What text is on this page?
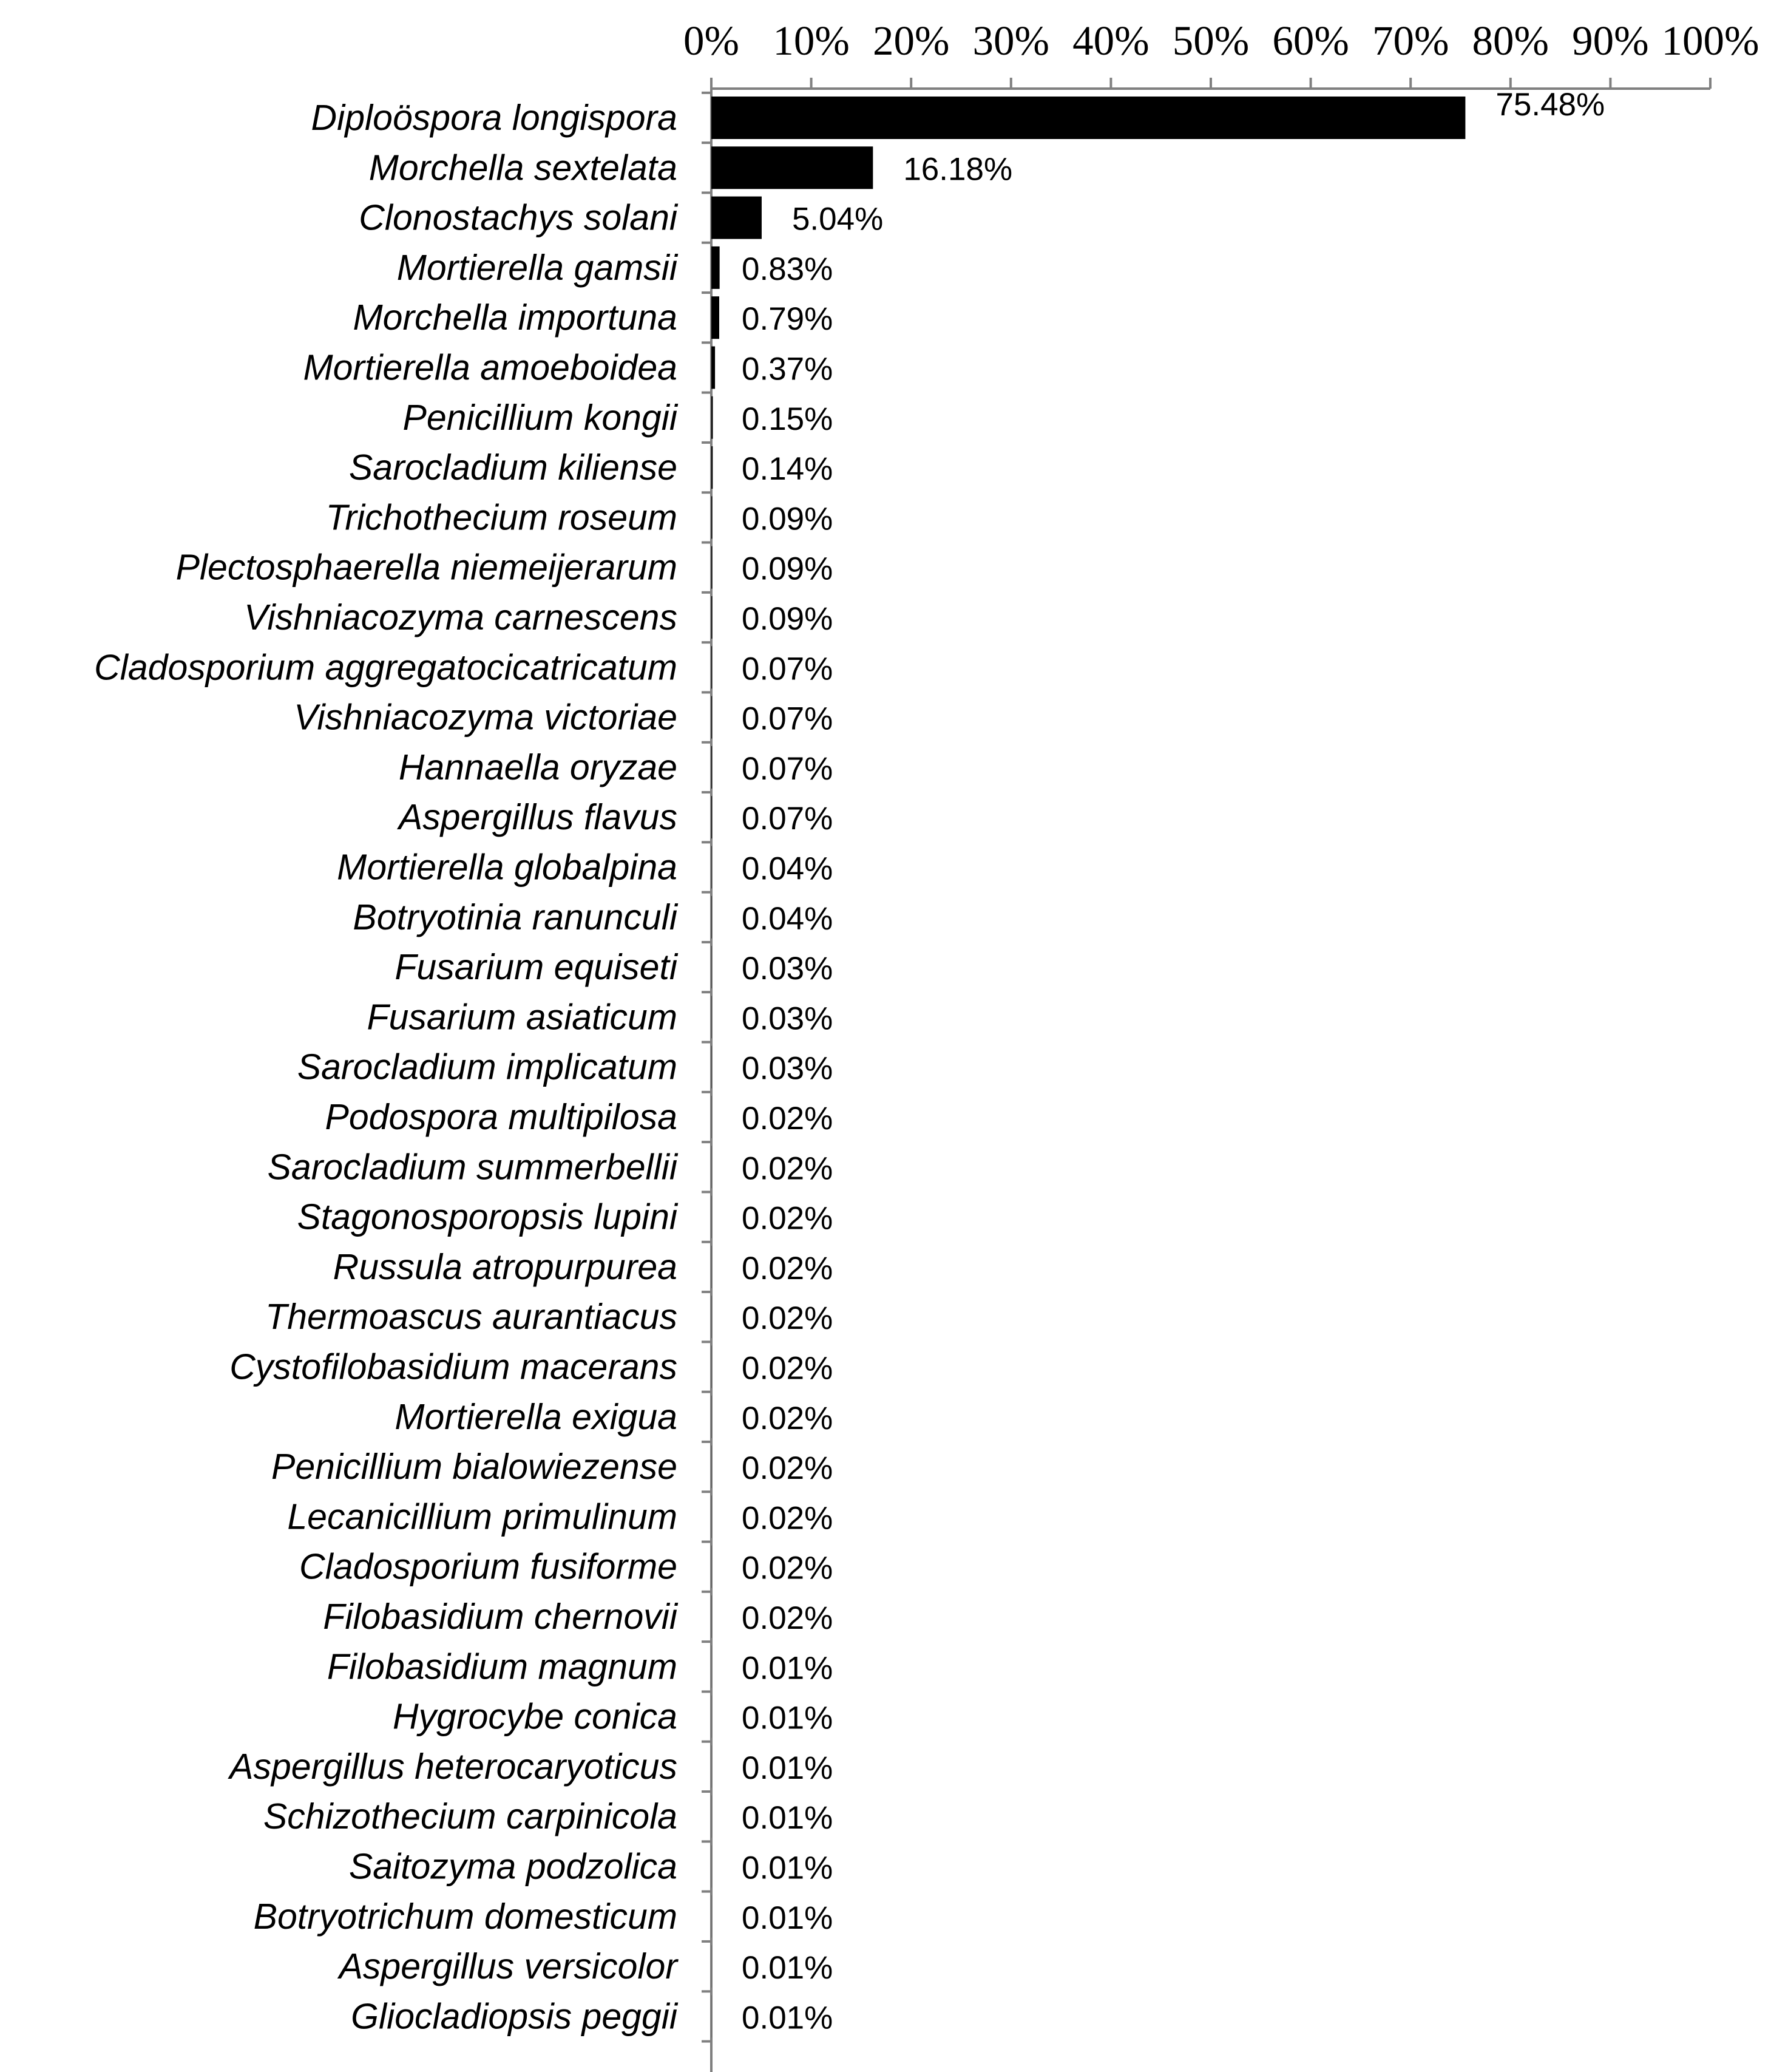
0% 10% 20% 30% 40% 50% 60% 70% 80% 90% 100%
75.48%
16.18%
5.04%
0.83%
0.79%
0.37%
0.15%
0.14%
0.09%
0.09%
0.09%
0.07%
0.07%
0.07%
0.07%
0.04%
0.04%
0.03%
0.03%
0.03%
0.02%
0.02%
0.02%
0.02%
0.02%
0.02%
0.02%
0.02%
0.02%
0.02%
0.02%
0.01%
0.01%
0.01%
0.01%
0.01%
0.01%
0.01%
0.01%
Diploöspora longispora
Morchella sextelata
Clonostachys solani
Mortierella gamsii
Morchella importuna
Mortierella amoeboidea
Penicillium kongii
Sarocladium kiliense
Trichothecium roseum
Plectosphaerella niemeijerarum
Vishniacozyma carnescens
Cladosporium aggregatocicatricatum
Vishniacozyma victoriae
Hannaella oryzae
Aspergillus flavus
Mortierella globalpina
Botryotinia ranunculi
Fusarium equiseti
Fusarium asiaticum
Sarocladium implicatum
Podospora multipilosa
Sarocladium summerbellii
Stagonosporopsis lupini
Russula atropurpurea
Thermoascus aurantiacus
Cystofilobasidium macerans
Mortierella exigua
Penicillium bialowiezense
Lecanicillium primulinum
Cladosporium fusiforme
Filobasidium chernovii
Filobasidium magnum
Hygrocybe conica
Aspergillus heterocaryoticus
Schizothecium carpinicola
Saitozyma podzolica
Botryotrichum domesticum
Aspergillus versicolor
Gliocladiopsis peggii
